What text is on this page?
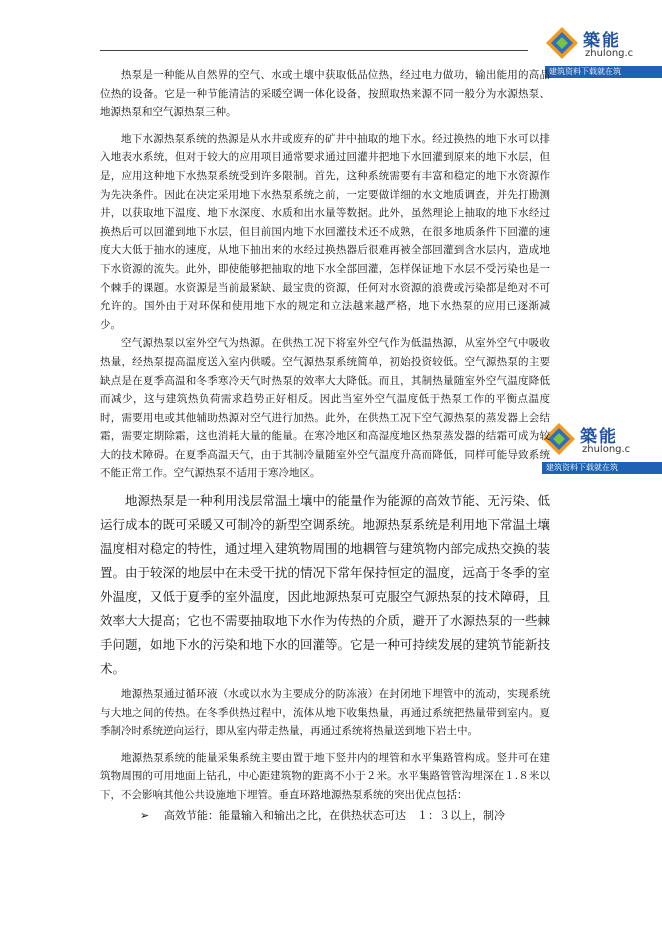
築能
zhulong.c
建筑资料下载就在筑
築能
zhulong.c
建筑资料下载就在筑

热泵是一种能从自然界的空气、水或土壤中获取低品位热，经过电力做功，输出能用的高品位热的设备。它是一种节能清洁的采暖空调一体化设备，按照取热来源不同一般分为水源热泵、地源热泵和空气源热泵三种。

地下水源热泵系统的热源是从水井或废弃的矿井中抽取的地下水。经过换热的地下水可以排入地表水系统，但对于较大的应用项目通常要求通过回灌井把地下水回灌到原来的地下水层，但是，应用这种地下水热泵系统受到许多限制。首先，这种系统需要有丰富和稳定的地下水资源作为先决条件。因此在决定采用地下水热泵系统之前，一定要做详细的水文地质调查，并先打勘测井，以获取地下温度、地下水深度、水质和出水量等数据。此外，虽然理论上抽取的地下水经过换热后可以回灌到地下水层，但目前国内地下水回灌技术还不成熟，在很多地质条件下回灌的速度大大低于抽水的速度，从地下抽出来的水经过换热器后很难再被全部回灌到含水层内，造成地下水资源的流失。此外，即使能够把抽取的地下水全部回灌，怎样保证地下水层不受污染也是一个棘手的课题。水资源是当前最紧缺、最宝贵的资源，任何对水资源的浪费或污染都是绝对不可允许的。国外由于对环保和使用地下水的规定和立法越来越严格，地下水热泵的应用已逐渐减少。

空气源热泵以室外空气为热源。在供热工况下将室外空气作为低温热源，从室外空气中吸收热量，经热泵提高温度送入室内供暖。空气源热泵系统简单，初始投资较低。空气源热泵的主要缺点是在夏季高温和冬季寒冷天气时热泵的效率大大降低。而且，其制热量随室外空气温度降低而减少，这与建筑热负荷需求趋势正好相反。因此当室外空气温度低于热泵工作的平衡点温度时，需要用电或其他辅助热源对空气进行加热。此外，在供热工况下空气源热泵的蒸发器上会结霜，需要定期除霜，这也消耗大量的能量。在寒冷地区和高湿度地区热泵蒸发器的结霜可成为较大的技术障碍。在夏季高温天气，由于其制冷量随室外空气温度升高而降低，同样可能导致系统不能正常工作。空气源热泵不适用于寒冷地区。

地源热泵是一种利用浅层常温土壤中的能量作为能源的高效节能、无污染、低运行成本的既可采暖又可制冷的新型空调系统。地源热泵系统是利用地下常温土壤温度相对稳定的特性，通过埋入建筑物周围的地耦管与建筑物内部完成热交换的装置。由于较深的地层中在未受干扰的情况下常年保持恒定的温度，远高于冬季的室外温度，又低于夏季的室外温度，因此地源热泵可克服空气源热泵的技术障碍，且效率大大提高；它也不需要抽取地下水作为传热的介质，避开了水源热泵的一些棘手问题，如地下水的污染和地下水的回灌等。它是一种可持续发展的建筑节能新技术。

地源热泵通过循环液（水或以水为主要成分的防冻液）在封闭地下埋管中的流动，实现系统与大地之间的传热。在冬季供热过程中，流体从地下收集热量，再通过系统把热量带到室内。夏季制冷时系统逆向运行，即从室内带走热量，再通过系统将热量送到地下岩土中。

地源热泵系统的能量采集系统主要由置于地下竖井内的埋管和水平集路管构成。竖井可在建筑物周围的可用地面上钻孔，中心距建筑物的距离不小于２米。水平集路管管沟埋深在１.８米以下，不会影响其他公共设施地下埋管。垂直环路地源热泵系统的突出优点包括：

➢ 高效节能：能量输入和输出之比，在供热状态可达　１：３以上，制冷
